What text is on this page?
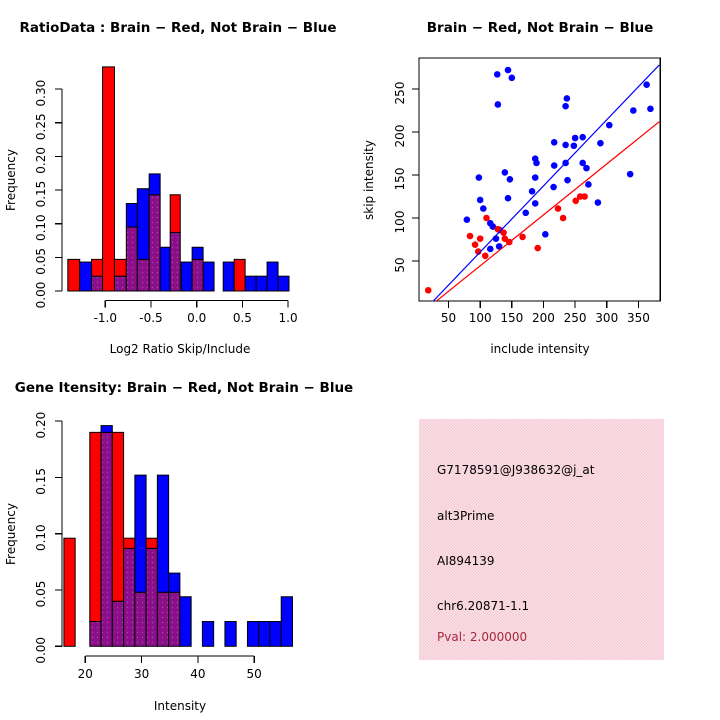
0.00
0.05
0.10
0.15
0.20
0.25
0.30
-1.0 -0.5 0.0 0.5 1.0
RatioData : Brain − Red, Not Brain − Blue
Log2 Ratio Skip/Include
Frequency
50 100 150 200 250 300 350
50
100
150
200
250
Brain − Red, Not Brain − Blue
include intensity
skip intensity
0.00
0.05
0.10
0.15
0.20
20	30	40	50
Gene Itensity: Brain − Red, Not Brain − Blue
Intensity
Frequency
G7178591@J938632@j_at
alt3Prime
AI894139
chr6.20871-1.1
Pval: 2.000000
